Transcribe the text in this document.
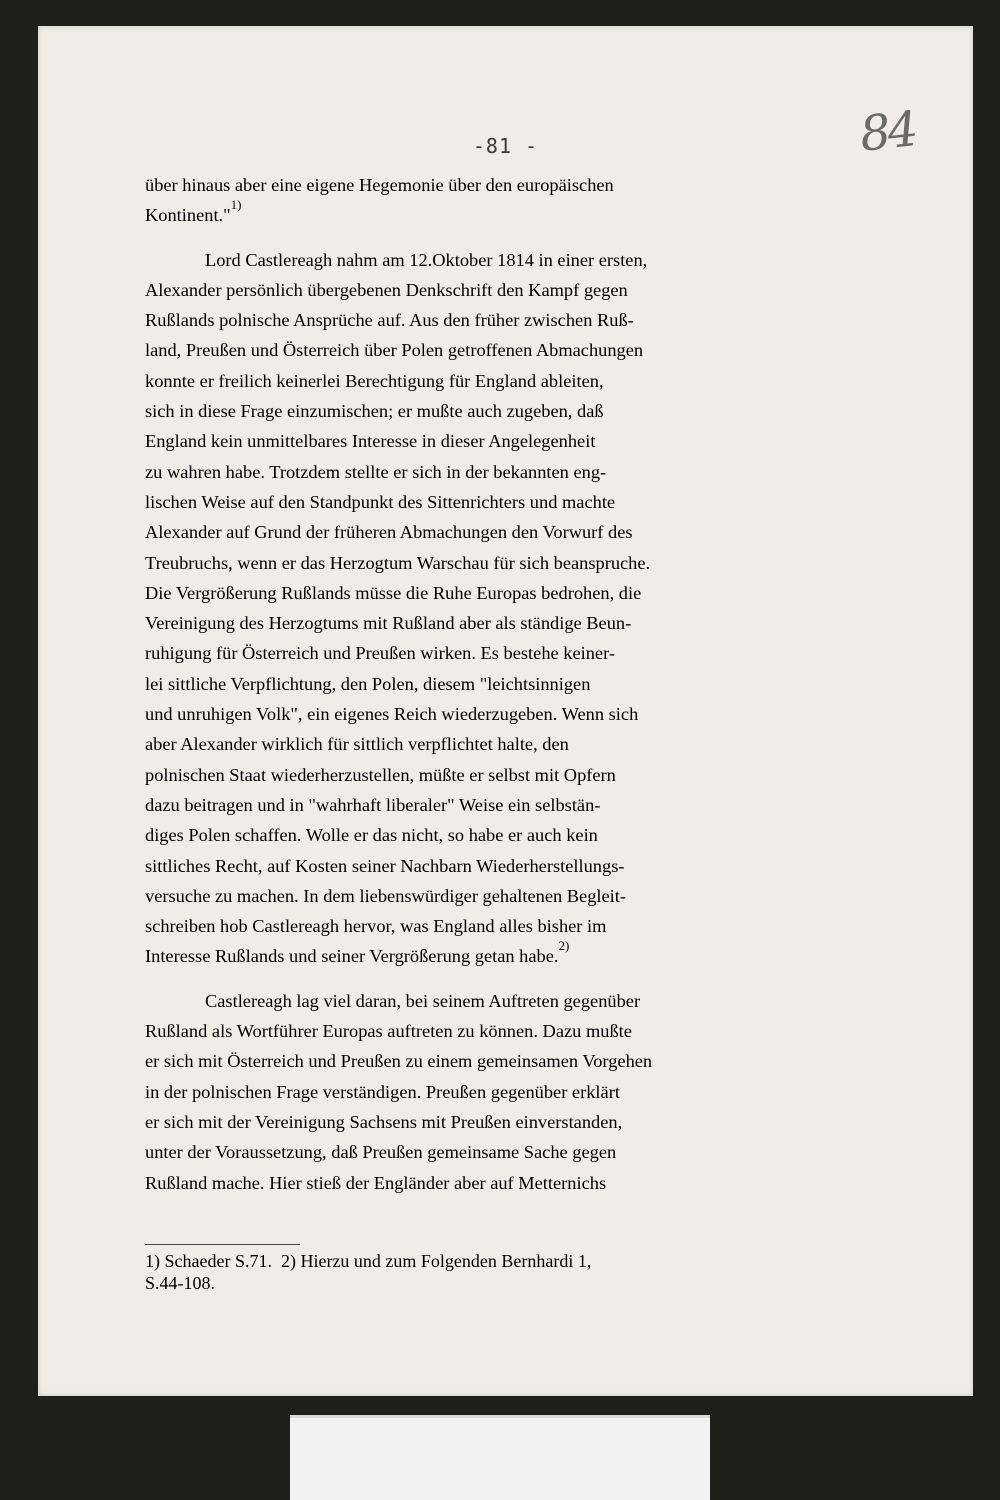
-81 -	84
über hinaus aber eine eigene Hegemonie über den europäischen
Kontinent."$^{1)}$
Lord Castlereagh nahm am 12.Oktober 1814 in einer ersten,
Alexander persönlich übergebenen Denkschrift den Kampf gegen
Rußlands polnische Ansprüche auf. Aus den früher zwischen Ruß-
land, Preußen und Österreich über Polen getroffenen Abmachungen
konnte er freilich keinerlei Berechtigung für England ableiten,
sich in diese Frage einzumischen; er mußte auch zugeben, daß
England kein unmittelbares Interesse in dieser Angelegenheit
zu wahren habe. Trotzdem stellte er sich in der bekannten eng-
lischen Weise auf den Standpunkt des Sittenrichters und machte
Alexander auf Grund der früheren Abmachungen den Vorwurf des
Treubruchs, wenn er das Herzogtum Warschau für sich beanspruche.
Die Vergrößerung Rußlands müsse die Ruhe Europas bedrohen, die
Vereinigung des Herzogtums mit Rußland aber als ständige Beun-
ruhigung für Österreich und Preußen wirken. Es bestehe keiner-
lei sittliche Verpflichtung, den Polen, diesem "leichtsinnigen
und unruhigen Volk", ein eigenes Reich wiederzugeben. Wenn sich
aber Alexander wirklich für sittlich verpflichtet halte, den
polnischen Staat wiederherzustellen, müßte er selbst mit Opfern
dazu beitragen und in "wahrhaft liberaler" Weise ein selbstän-
diges Polen schaffen. Wolle er das nicht, so habe er auch kein
sittliches Recht, auf Kosten seiner Nachbarn Wiederherstellungs-
versuche zu machen. In dem liebenswürdiger gehaltenen Begleit-
schreiben hob Castlereagh hervor, was England alles bisher im
Interesse Rußlands und seiner Vergrößerung getan habe.$^{2)}$
Castlereagh lag viel daran, bei seinem Auftreten gegenüber
Rußland als Wortführer Europas auftreten zu können. Dazu mußte
er sich mit Österreich und Preußen zu einem gemeinsamen Vorgehen
in der polnischen Frage verständigen. Preußen gegenüber erklärt
er sich mit der Vereinigung Sachsens mit Preußen einverstanden,
unter der Voraussetzung, daß Preußen gemeinsame Sache gegen
Rußland mache. Hier stieß der Engländer aber auf Metternichs
1) Schaeder S.71.  2) Hierzu und zum Folgenden Bernhardi 1,
S.44-108.
